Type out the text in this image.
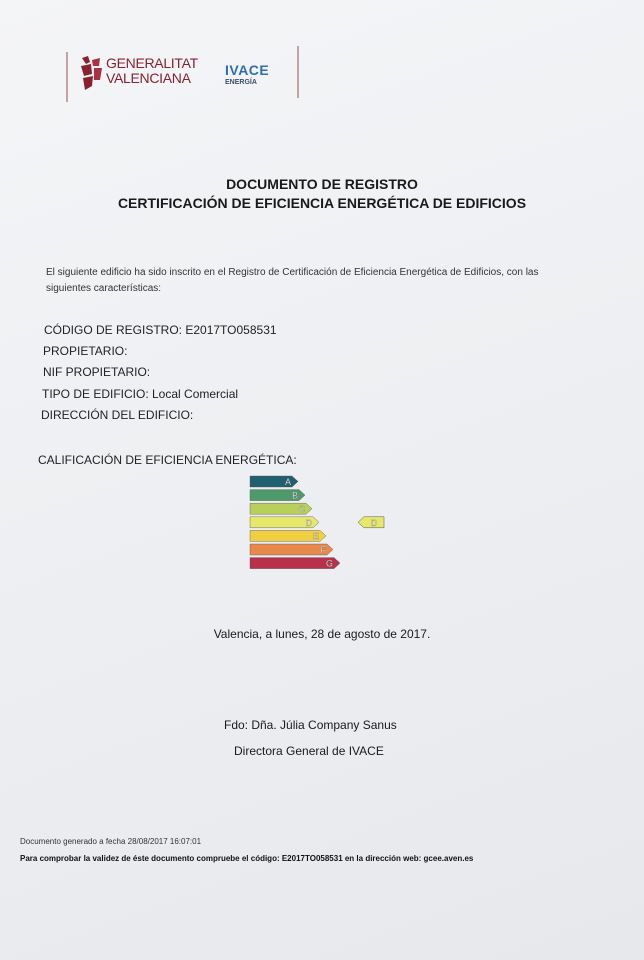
GENERALITAT
VALENCIANA	IVACE
ENERGÍA
DOCUMENTO DE REGISTRO
CERTIFICACIÓN DE EFICIENCIA ENERGÉTICA DE EDIFICIOS
El siguiente edificio ha sido inscrito en el Registro de Certificación de Eficiencia Energética de Edificios, con las
siguientes características:
CÓDIGO DE REGISTRO: E2017TO058531
PROPIETARIO:
NIF PROPIETARIO:
TIPO DE EDIFICIO: Local Comercial
DIRECCIÓN DEL EDIFICIO:
CALIFICACIÓN DE EFICIENCIA ENERGÉTICA:
A
B
C
D
E
F
G
D
Valencia, a lunes, 28 de agosto de 2017.
Fdo: Dña. Júlia Company Sanus
Directora General de IVACE
Documento generado a fecha 28/08/2017 16:07:01
Para comprobar la validez de éste documento compruebe el código: E2017TO058531 en la dirección web: gcee.aven.es
